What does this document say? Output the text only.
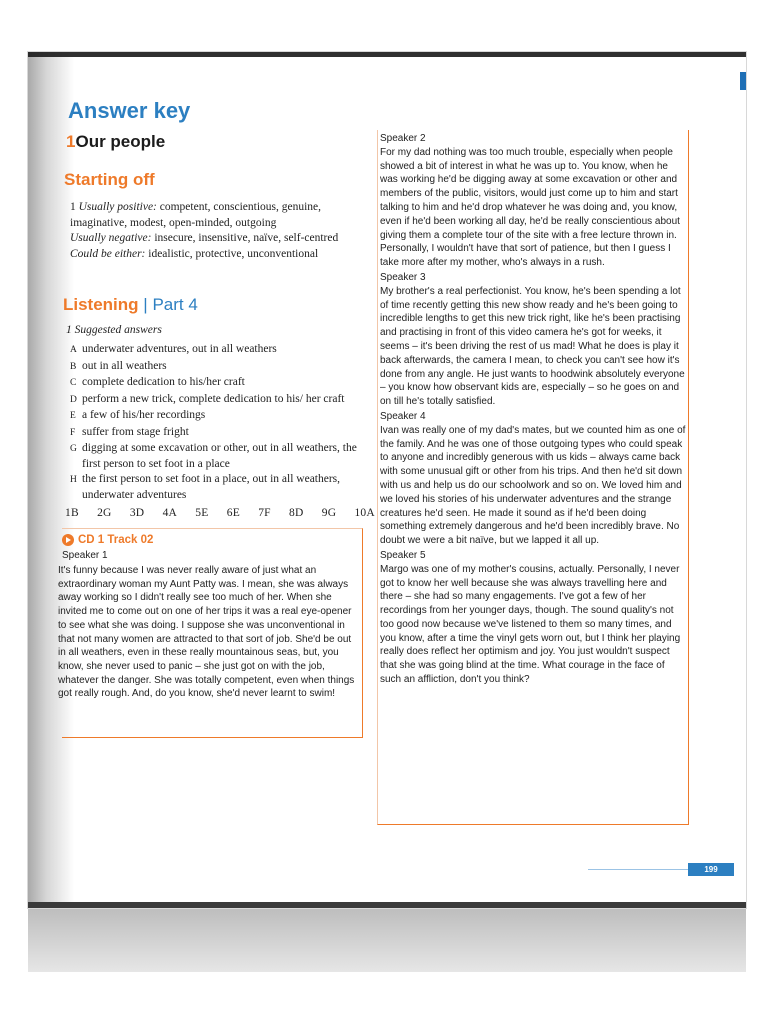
Answer key
1Our people
Starting off

1 Usually positive: competent, conscientious, genuine, imaginative, modest, open-minded, outgoing

Usually negative: insecure, insensitive, naïve, self-centred

Could be either: idealistic, protective, unconventional

Listening | Part 4
1 Suggested answers
A underwater adventures, out in all weathers
B out in all weathers
C complete dedication to his/her craft
D perform a new trick, complete dedication to his/ her craft
E a few of his/her recordings
F suffer from stage fright
G digging at some excavation or other, out in all weathers, the first person to set foot in a place
H the first person to set foot in a place, out in all weathers, underwater adventures
1B 2G 3D 4A 5E 6E 7F 8D 9G 10A
CD 1 Track 02
Speaker 1
It's funny because I was never really aware of just what an extraordinary woman my Aunt Patty was. I mean, she was always away working so I didn't really see too much of her. When she invited me to come out on one of her trips it was a real eye-opener to see what she was doing. I suppose she was unconventional in that not many women are attracted to that sort of job. She'd be out in all weathers, even in these really mountainous seas, but, you know, she never used to panic – she just got on with the job, whatever the danger. She was totally competent, even when things got really rough. And, do you know, she'd never learnt to swim!

Speaker 2

For my dad nothing was too much trouble, especially when people showed a bit of interest in what he was up to. You know, when he was working he'd be digging away at some excavation or other and members of the public, visitors, would just come up to him and start talking to him and he'd drop whatever he was doing and, you know, even if he'd been working all day, he'd be really conscientious about giving them a complete tour of the site with a free lecture thrown in. Personally, I wouldn't have that sort of patience, but then I guess I take more after my mother, who's always in a rush.

Speaker 3

My brother's a real perfectionist. You know, he's been spending a lot of time recently getting this new show ready and he's been going to incredible lengths to get this new trick right, like he's been practising and practising in front of this video camera he's got for weeks, it seems – it's been driving the rest of us mad! What he does is play it back afterwards, the camera I mean, to check you can't see how it's done from any angle. He just wants to hoodwink absolutely everyone – you know how observant kids are, especially – so he goes on and on till he's totally satisfied.

Speaker 4

Ivan was really one of my dad's mates, but we counted him as one of the family. And he was one of those outgoing types who could speak to anyone and incredibly generous with us kids – always came back with some unusual gift or other from his trips. And then he'd sit down with us and help us do our schoolwork and so on. We loved him and we loved his stories of his underwater adventures and the strange creatures he'd seen. He made it sound as if he'd been doing something extremely dangerous and he'd been incredibly brave. No doubt we were a bit naïve, but we lapped it all up.

Speaker 5

Margo was one of my mother's cousins, actually. Personally, I never got to know her well because she was always travelling here and there – she had so many engagements. I've got a few of her recordings from her younger days, though. The sound quality's not too good now because we've listened to them so many times, and you know, after a time the vinyl gets worn out, but I think her playing really does reflect her optimism and joy. You just wouldn't suspect that she was going blind at the time. What courage in the face of such an affliction, don't you think?

199
